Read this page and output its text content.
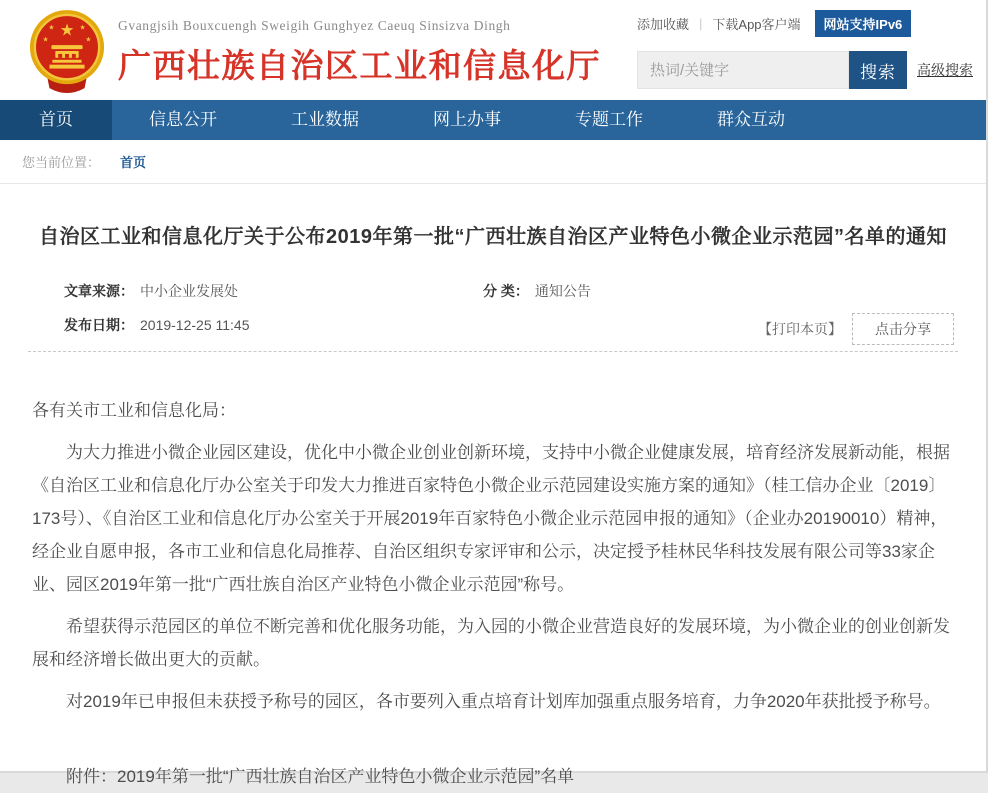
★
★	★
★	★
Gvangjsih Bouxcuengh Sweigih Gunghyez Caeuq Sinsizva Dingh
广西壮族自治区工业和信息化厅
添加收藏 | 下载App客户端	网站支持IPv6
热词/关键字
搜索	高级搜索
首页	信息公开	工业数据	网上办事	专题工作	群众互动
您当前位置： 首页
自治区工业和信息化厅关于公布2019年第一批“广西壮族自治区产业特色小微企业示范园”名单的通知
文章来源： 中小企业发展处	分 类： 通知公告
发布日期： 2019-12-25 11:45	【打印本页】	点击分享

各有关市工业和信息化局：

为大力推进小微企业园区建设，优化中小微企业创业创新环境，支持中小微企业健康发展，培育经济发展新动能，根据《自治区工业和信息化厅办公室关于印发大力推进百家特色小微企业示范园建设实施方案的通知》（桂工信办企业〔2019〕173号）、《自治区工业和信息化厅办公室关于开展2019年百家特色小微企业示范园申报的通知》（企业办20190010）精神，经企业自愿申报，各市工业和信息化局推荐、自治区组织专家评审和公示，决定授予桂林民华科技发展有限公司等33家企业、园区2019年第一批“广西壮族自治区产业特色小微企业示范园”称号。

希望获得示范园区的单位不断完善和优化服务功能，为入园的小微企业营造良好的发展环境，为小微企业的创业创新发展和经济增长做出更大的贡献。

对2019年已申报但未获授予称号的园区，各市要列入重点培育计划库加强重点服务培育，力争2020年获批授予称号。

附件：2019年第一批“广西壮族自治区产业特色小微企业示范园”名单
